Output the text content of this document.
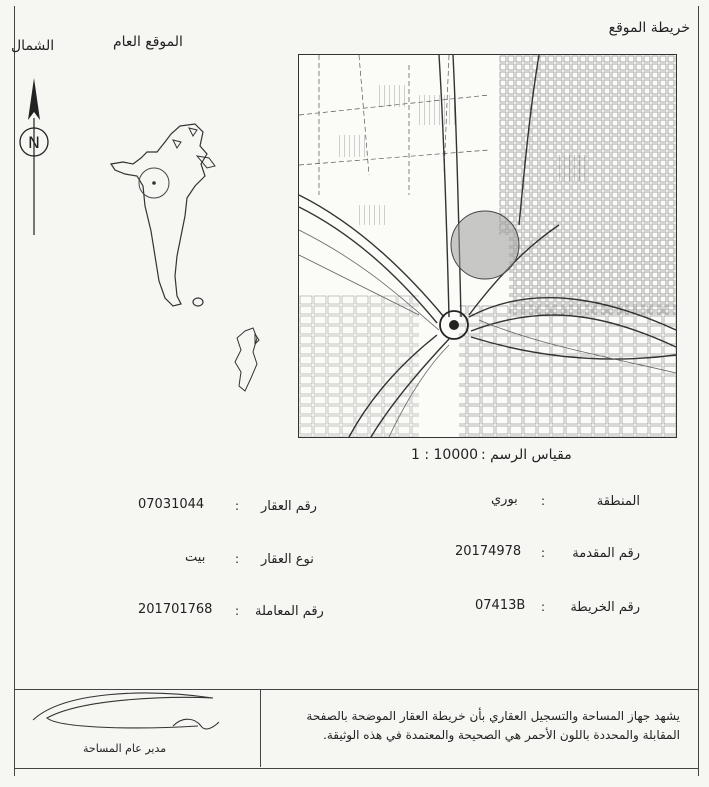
خريطة الموقع
الموقع العام
الشمال
N
مقياس الرسم :
1 : 10000
المنطقة
بوري
رقم المقدمة
20174978
رقم الخريطة
07413B
رقم العقار
07031044
نوع العقار
بيت
رقم المعاملة
201701768
:
:
:
:
:
:
يشهد جهاز المساحة والتسجيل العقاري بأن خريطة العقار الموضحة بالصفحة
المقابلة والمحددة باللون الأحمر هي الصحيحة والمعتمدة في هذه الوثيقة.
مدير عام المساحة
